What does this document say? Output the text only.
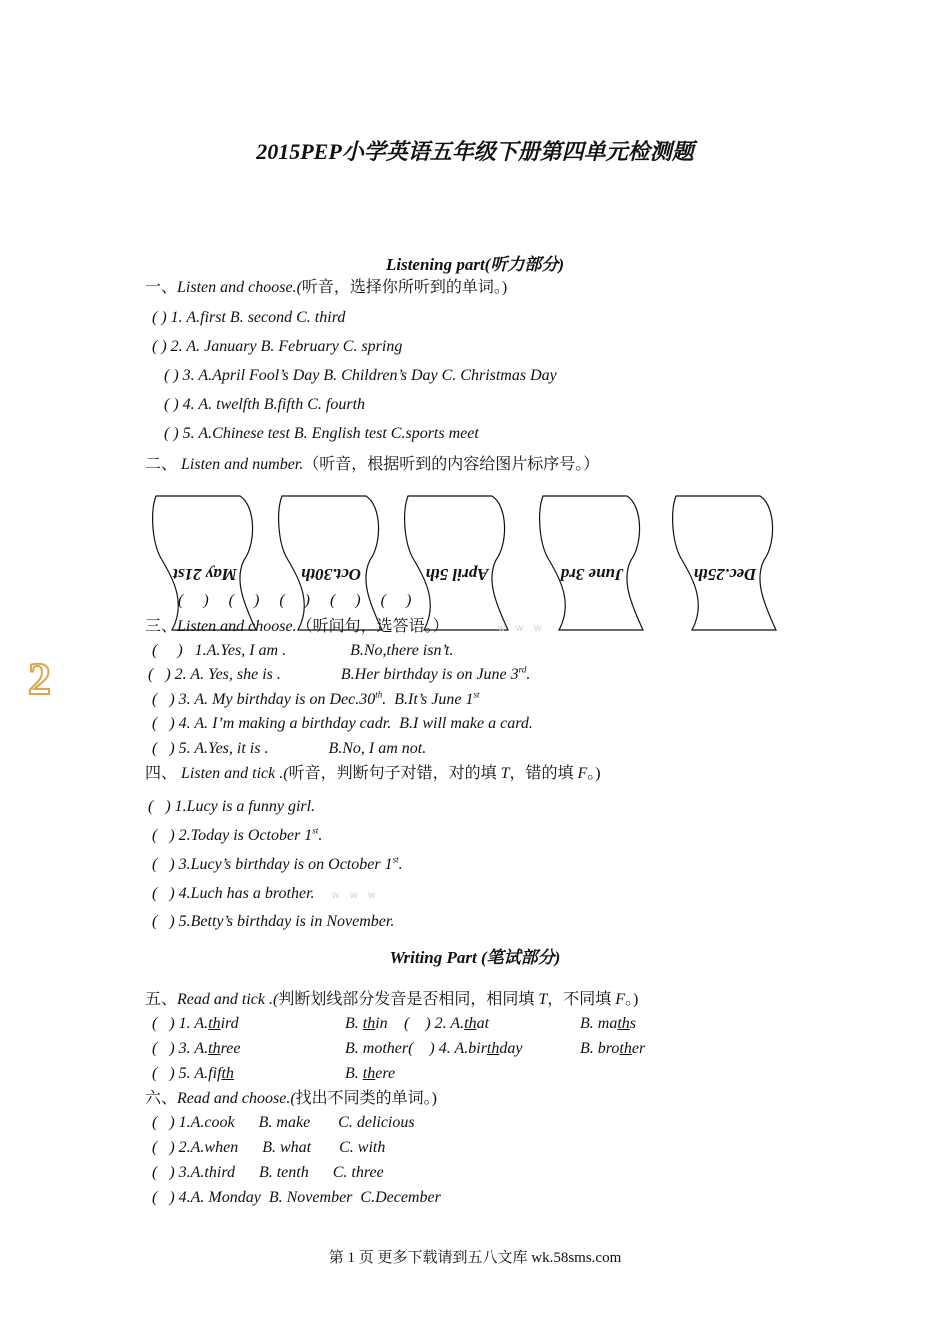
2015PEP小学英语五年级下册第四单元检测题
Listening part(听力部分)
一、Listen and choose.(听音，选择你所听到的单词。)
( ) 1. A.first B. second C. third
( ) 2. A. January B. February C. spring
( ) 3. A.April Fool’s Day B. Children’s Day C. Christmas Day
( ) 4. A. twelfth B.fifth C. fourth
( ) 5. A.Chinese test B. English test C.sports meet
二、 Listen and number.（听音，根据听到的内容给图片标序号。）
May 21st	Oct.30th	April 5th	June 3rd	Dec.25th
(     )     (     )     (     )     (     )     (     )
2
三、Listen and choose.（听问句，选答语。）	w w w
(     )   1.A.Yes, I am .                B.No,there isn’t.
(   ) 2. A. Yes, she is .               B.Her birthday is on June 3rd.
(   ) 3. A. My birthday is on Dec.30th.  B.It’s June 1st
(   ) 4. A. I’m making a birthday cadr.  B.I will make a card.
(   ) 5. A.Yes, it is .               B.No, I am not.
四、 Listen and tick .(听音，判断句子对错，对的填 T，错的填 F。)
(   ) 1.Lucy is a funny girl.
(   ) 2.Today is October 1st.
(   ) 3.Lucy’s birthday is on October 1st.
(   ) 4.Luch has a brother. w w w
(   ) 5.Betty’s birthday is in November.
Writing Part (笔试部分)
五、Read and tick .(判断划线部分发音是否相同，相同填 T，不同填 F。)
(   ) 1. A.third	B. thin (    ) 2. A.that	B. maths
(   ) 3. A.three	B. mother(    ) 4. A.birthday	B. brother
(   ) 5. A.fifth	B. there
六、Read and choose.(找出不同类的单词。)
(   ) 1.A.cook      B. make       C. delicious
(   ) 2.A.when      B. what       C. with
(   ) 3.A.third      B. tenth      C. three
(   ) 4.A. Monday  B. November  C.December
第 1 页 更多下载请到五八文库 wk.58sms.com
